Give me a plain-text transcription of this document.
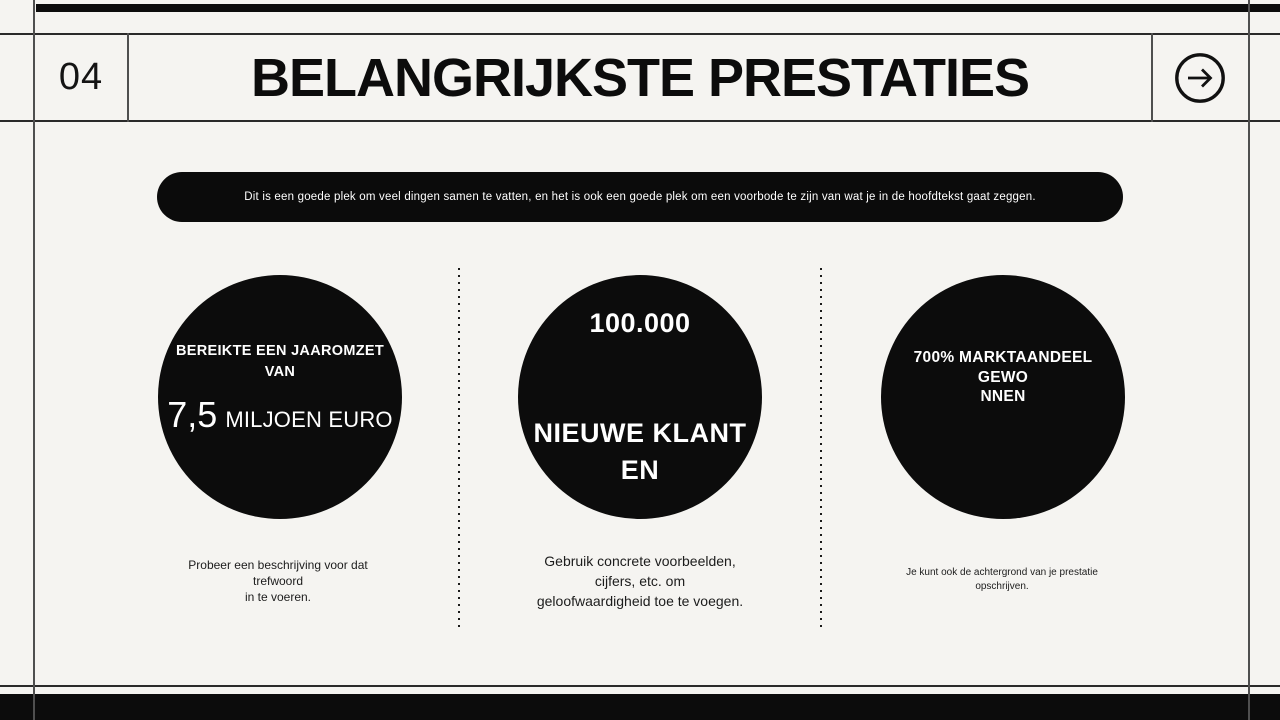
04	BELANGRIJKSTE PRESTATIES
Dit is een goede plek om veel dingen samen te vatten, en het is ook een goede plek om een voorbode te zijn van wat je in de hoofdtekst gaat zeggen.
BEREIKTE EEN JAAROMZET
VAN
7,5 MILJOEN EURO
100.000
NIEUWE KLANT
EN
700% MARKTAANDEEL GEWO
NNEN
Probeer een beschrijving voor dat
trefwoord
in te voeren.
Gebruik concrete voorbeelden,
cijfers, etc. om
geloofwaardigheid toe te voegen.
Je kunt ook de achtergrond van je prestatie
opschrijven.
